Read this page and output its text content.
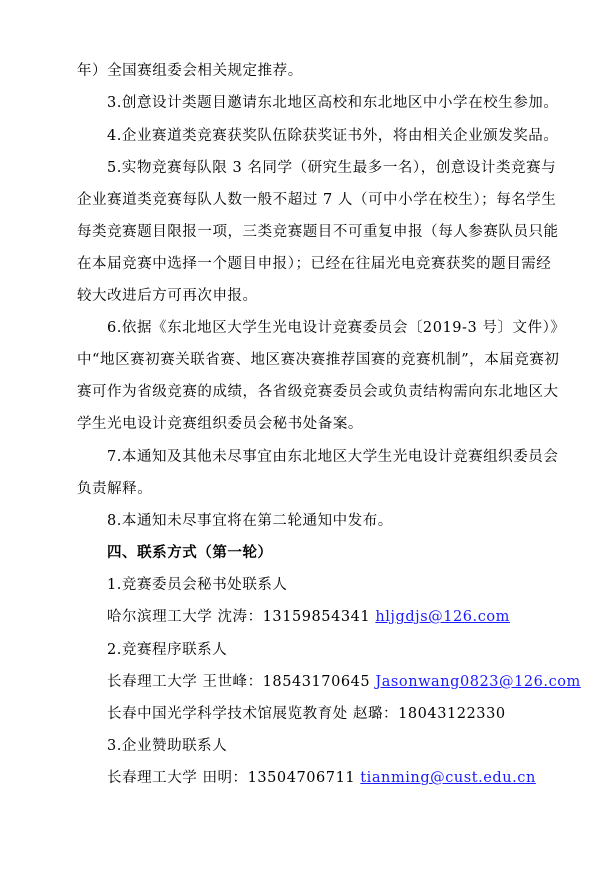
年）全国赛组委会相关规定推荐。
3.创意设计类题目邀请东北地区高校和东北地区中小学在校生参加。
4.企业赛道类竞赛获奖队伍除获奖证书外，将由相关企业颁发奖品。
5.实物竞赛每队限 3 名同学（研究生最多一名），创意设计类竞赛与
企业赛道类竞赛每队人数一般不超过 7 人（可中小学在校生）；每名学生
每类竞赛题目限报一项，三类竞赛题目不可重复申报（每人参赛队员只能
在本届竞赛中选择一个题目申报）；已经在往届光电竞赛获奖的题目需经
较大改进后方可再次申报。
6.依据《东北地区大学生光电设计竞赛委员会〔2019-3 号〕文件）》
中“地区赛初赛关联省赛、地区赛决赛推荐国赛的竞赛机制”，本届竞赛初
赛可作为省级竞赛的成绩，各省级竞赛委员会或负责结构需向东北地区大
学生光电设计竞赛组织委员会秘书处备案。
7.本通知及其他未尽事宜由东北地区大学生光电设计竞赛组织委员会
负责解释。
8.本通知未尽事宜将在第二轮通知中发布。
四、联系方式（第一轮）
1.竞赛委员会秘书处联系人
哈尔滨理工大学 沈涛：13159854341 hljgdjs@126.com
2.竞赛程序联系人
长春理工大学 王世峰：18543170645 Jasonwang0823@126.com
长春中国光学科学技术馆展览教育处 赵璐：18043122330
3.企业赞助联系人
长春理工大学 田明：13504706711 tianming@cust.edu.cn
